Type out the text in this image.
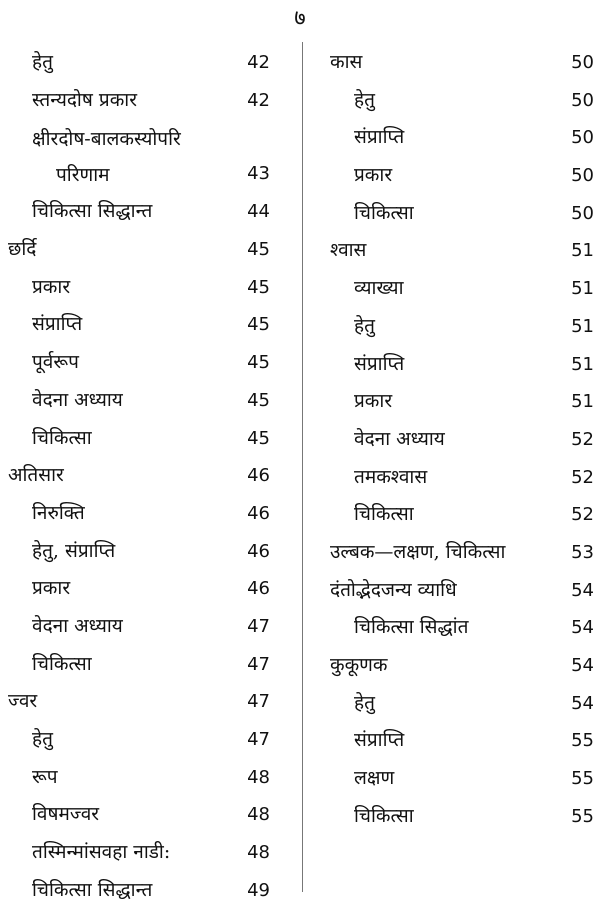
७
हेतु	42
स्तन्यदोष प्रकार	42
क्षीरदोष-बालकस्योपरि
परिणाम	43
चिकित्सा सिद्धान्त	44
छर्दि	45
प्रकार	45
संप्राप्ति	45
पूर्वरूप	45
वेदना अध्याय	45
चिकित्सा	45
अतिसार	46
निरुक्ति	46
हेतु, संप्राप्ति	46
प्रकार	46
वेदना अध्याय	47
चिकित्सा	47
ज्वर	47
हेतु	47
रूप	48
विषमज्वर	48
तस्मिन्मांसवहा नाडी:	48
चिकित्सा सिद्धान्त	49
कास	50
हेतु	50
संप्राप्ति	50
प्रकार	50
चिकित्सा	50
श्वास	51
व्याख्या	51
हेतु	51
संप्राप्ति	51
प्रकार	51
वेदना अध्याय	52
तमकश्वास	52
चिकित्सा	52
उल्बक—लक्षण, चिकित्सा	53
दंतोद्भेदजन्य व्याधि	54
चिकित्सा सिद्धांत	54
कुकूणक	54
हेतु	54
संप्राप्ति	55
लक्षण	55
चिकित्सा	55
